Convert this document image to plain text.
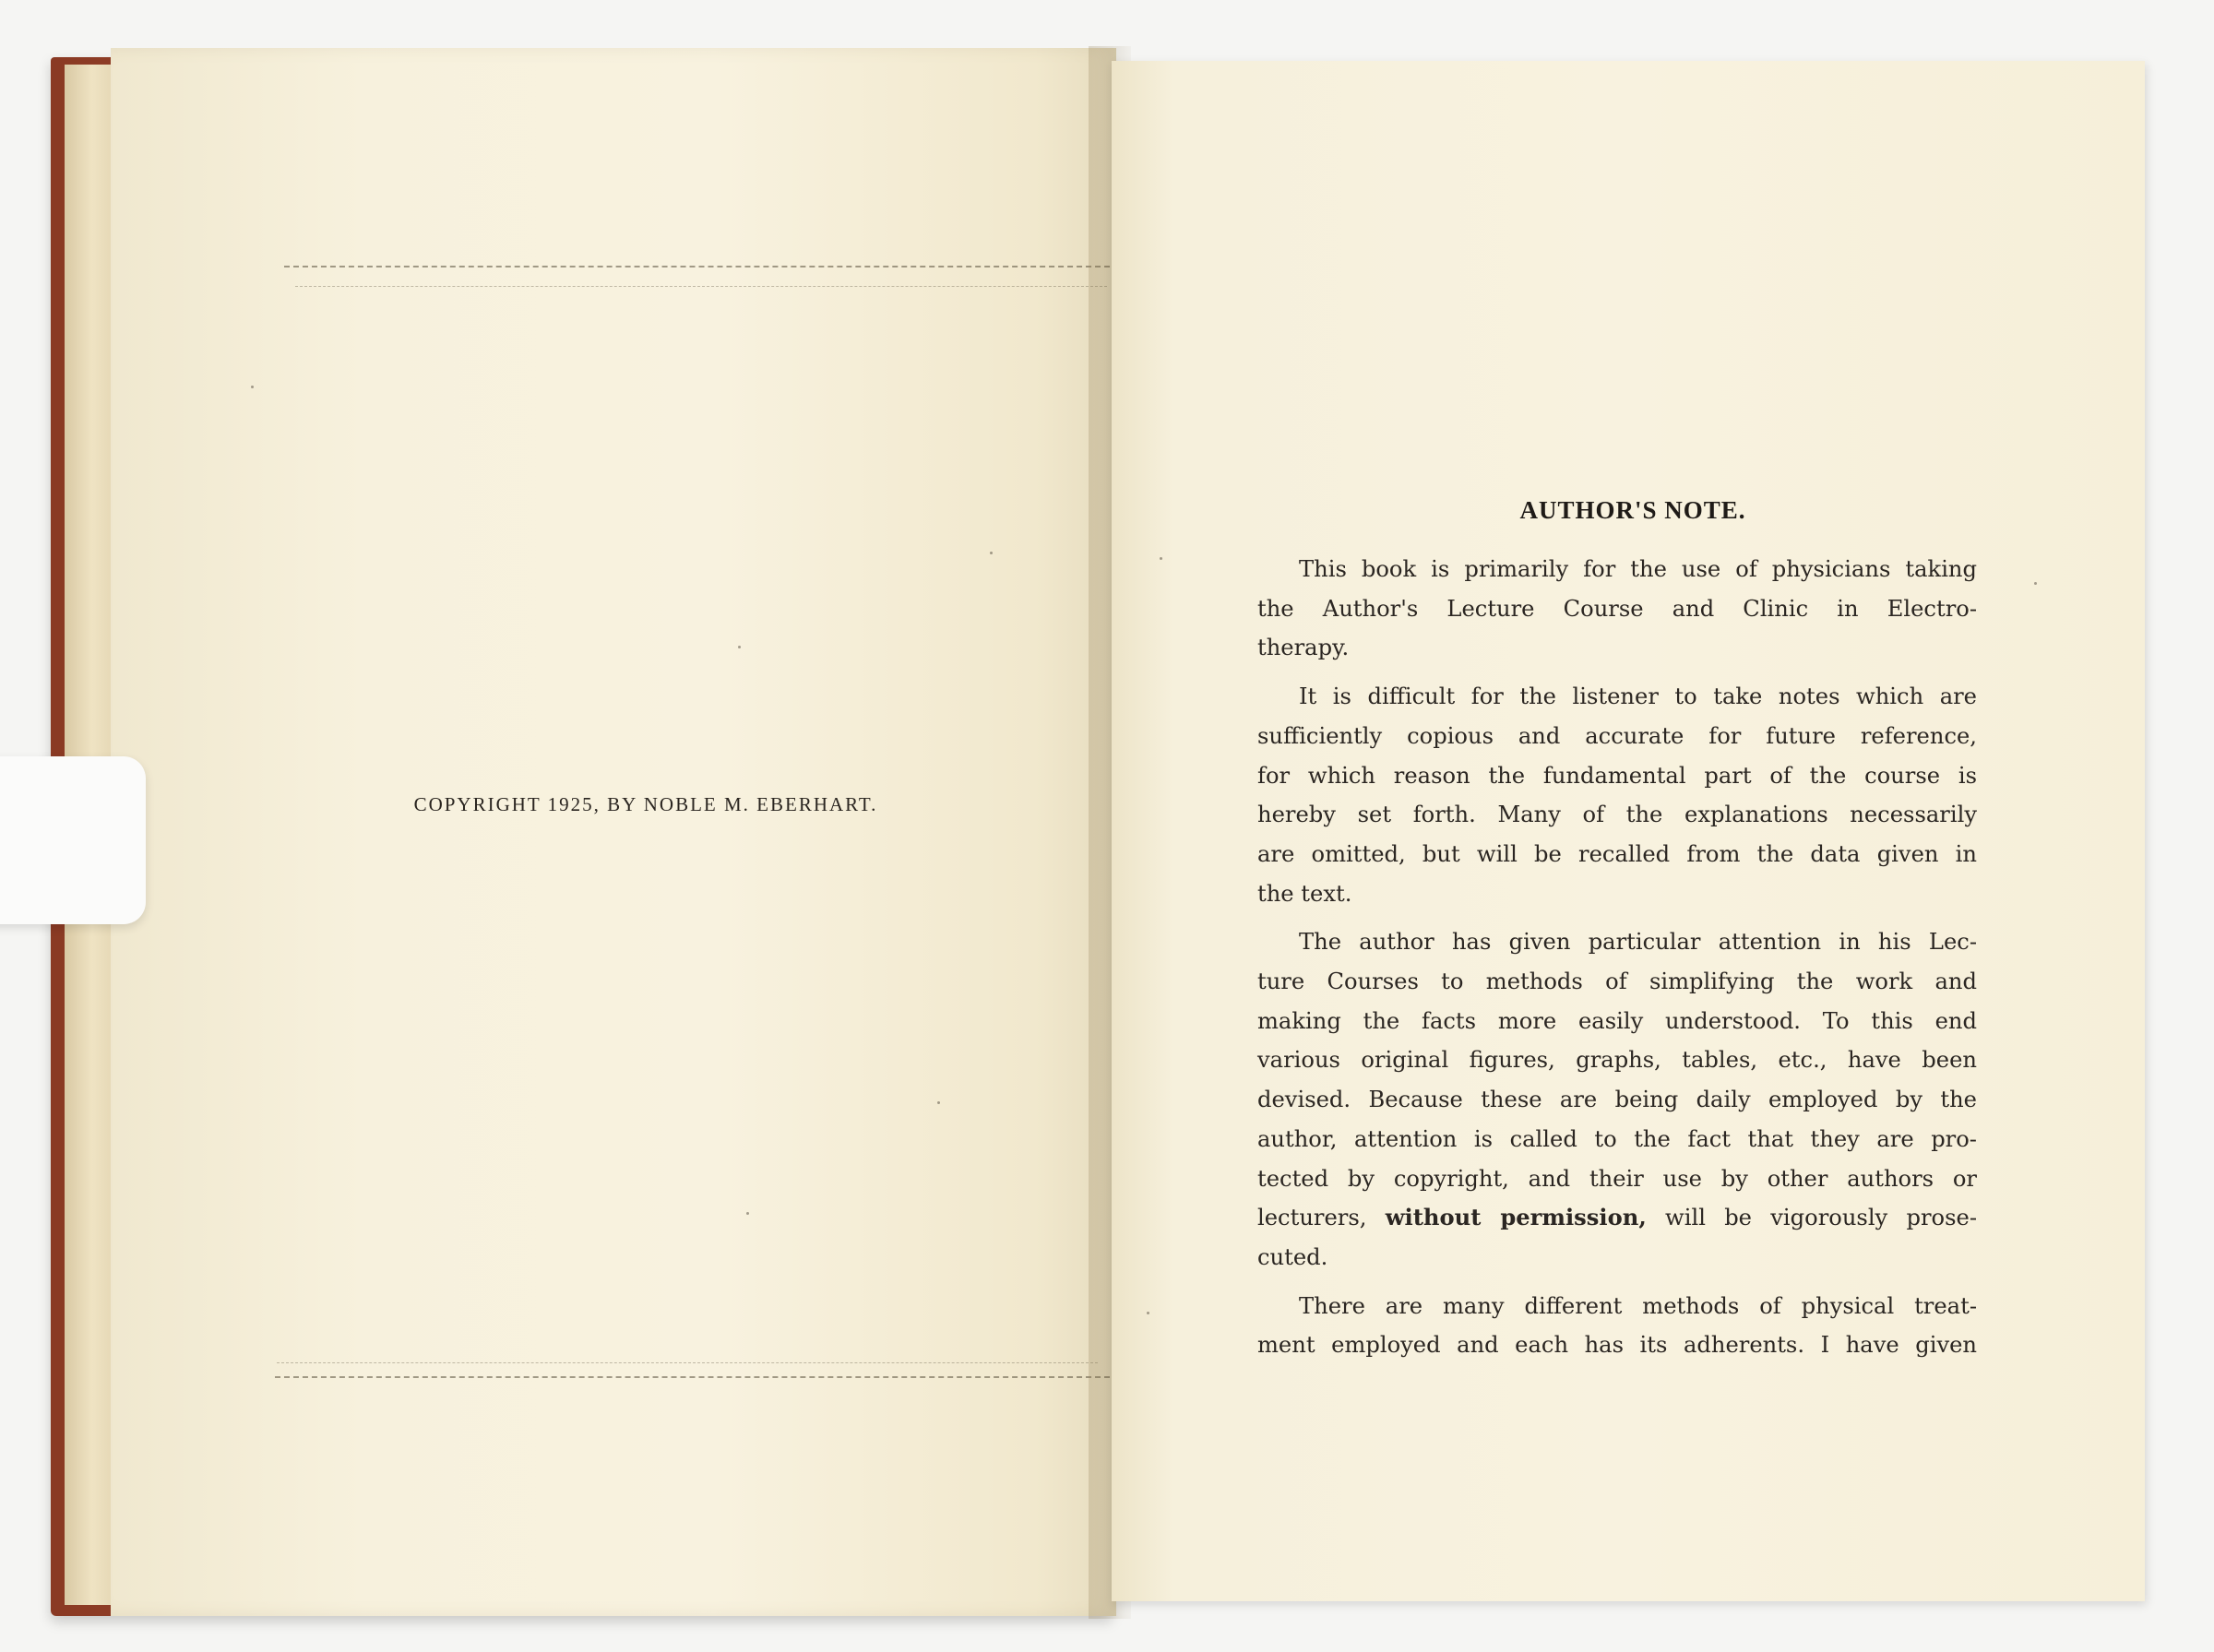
COPYRIGHT 1925, BY NOBLE M. EBERHART.
AUTHOR'S NOTE.
This book is primarily for the use of physicians taking
the Author's Lecture Course and Clinic in Electro-
therapy.
It is difficult for the listener to take notes which are
sufficiently copious and accurate for future reference,
for which reason the fundamental part of the course is
hereby set forth. Many of the explanations necessarily
are omitted, but will be recalled from the data given in
the text.
The author has given particular attention in his Lec-
ture Courses to methods of simplifying the work and
making the facts more easily understood. To this end
various original figures, graphs, tables, etc., have been
devised. Because these are being daily employed by the
author, attention is called to the fact that they are pro-
tected by copyright, and their use by other authors or
lecturers, without permission, will be vigorously prose-
cuted.
There are many different methods of physical treat-
ment employed and each has its adherents. I have given
